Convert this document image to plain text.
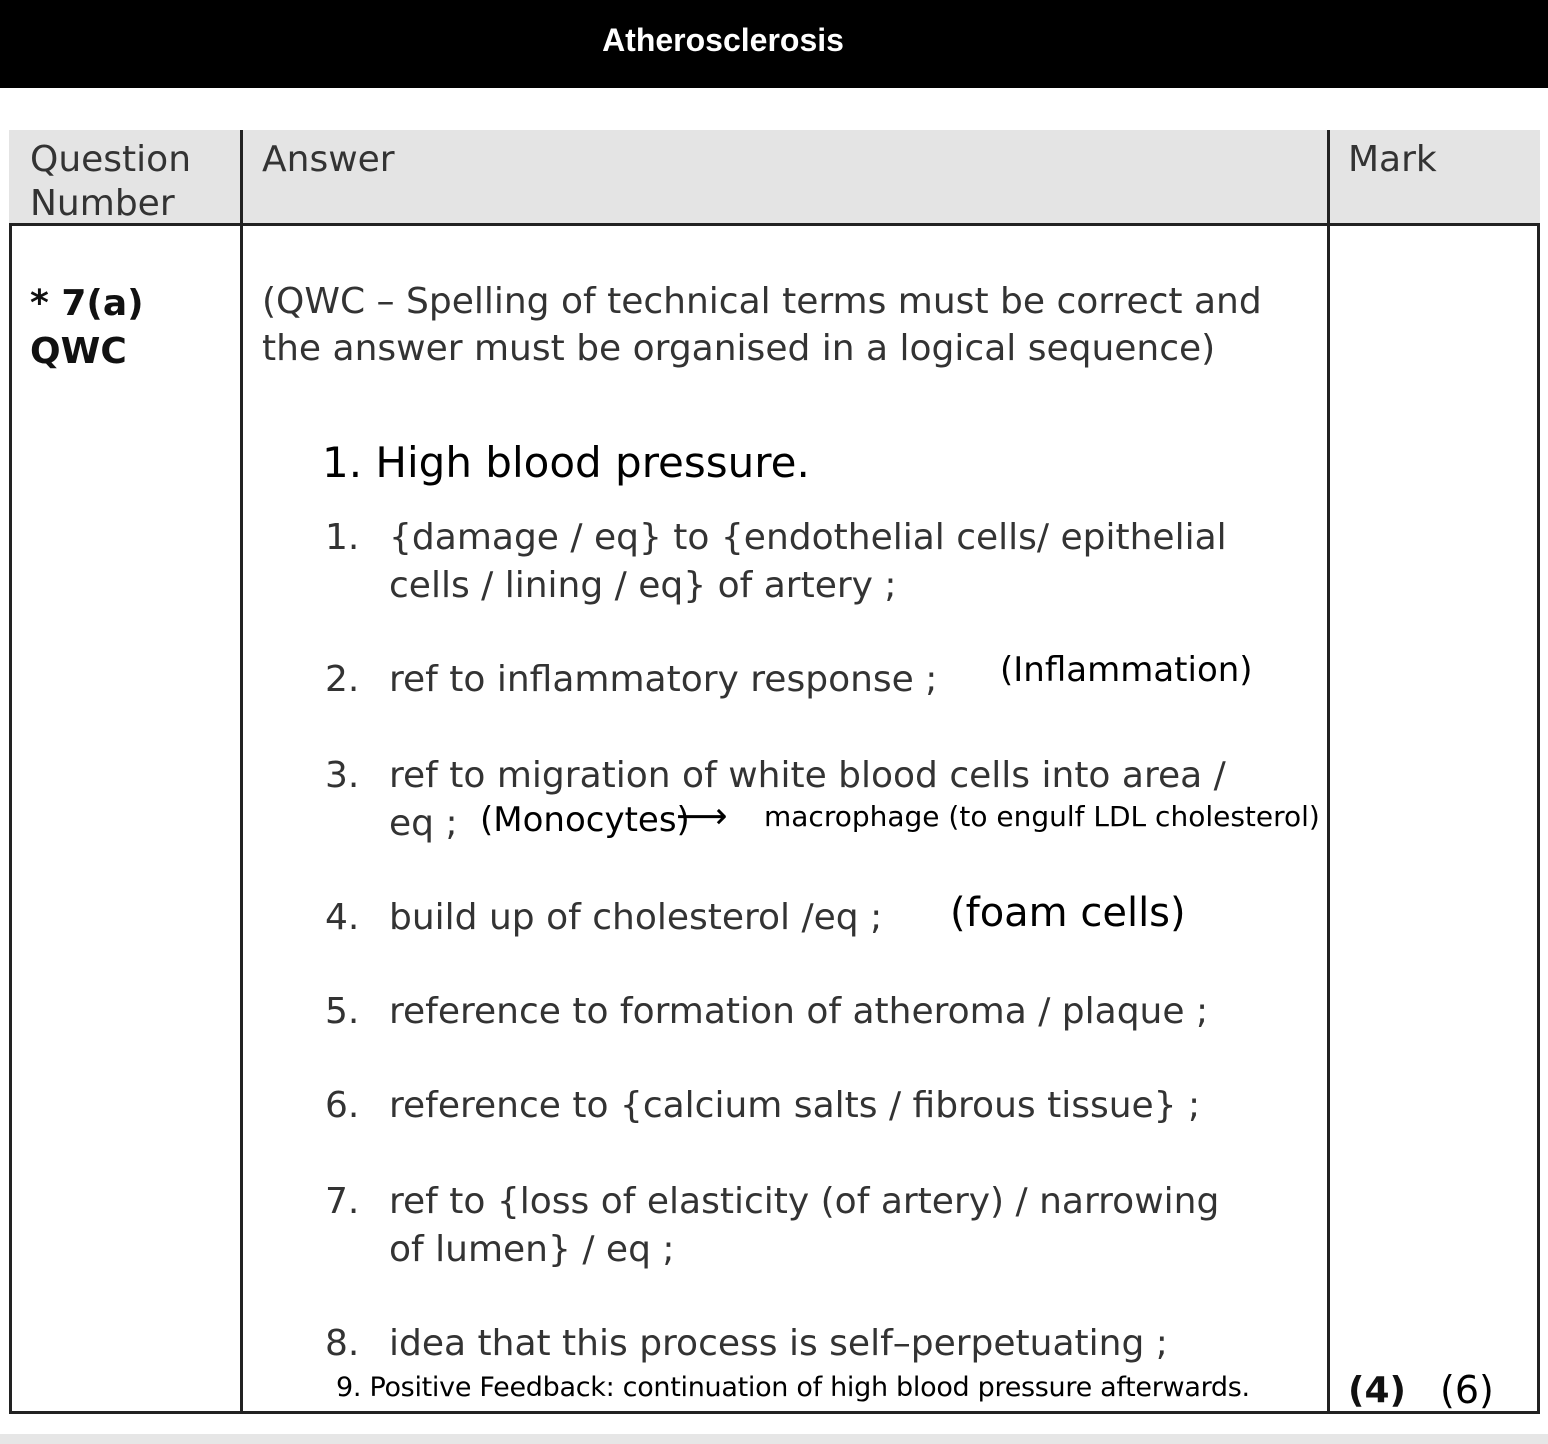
Atherosclerosis
Question
Number
Answer	Mark
* 7(a)
QWC
(QWC – Spelling of technical terms must be correct and the answer must be organised in a logical sequence)
1. High blood pressure.
1. {damage / eq} to {endothelial cells/ epithelial
cells / lining / eq} of artery ;
2. ref to inflammatory response ; (Inflammation)
3. ref to migration of white blood cells into area /
eq ; (Monocytes)
⟶ macrophage (to engulf LDL cholesterol)
4. build up of cholesterol /eq ; (foam cells)
5. reference to formation of atheroma / plaque ;
6. reference to {calcium salts / fibrous tissue} ;
7. ref to {loss of elasticity (of artery) / narrowing
of lumen} / eq ;
8. idea that this process is self–perpetuating ;
9. Positive Feedback: continuation of high blood pressure afterwards.	(4) (6)
